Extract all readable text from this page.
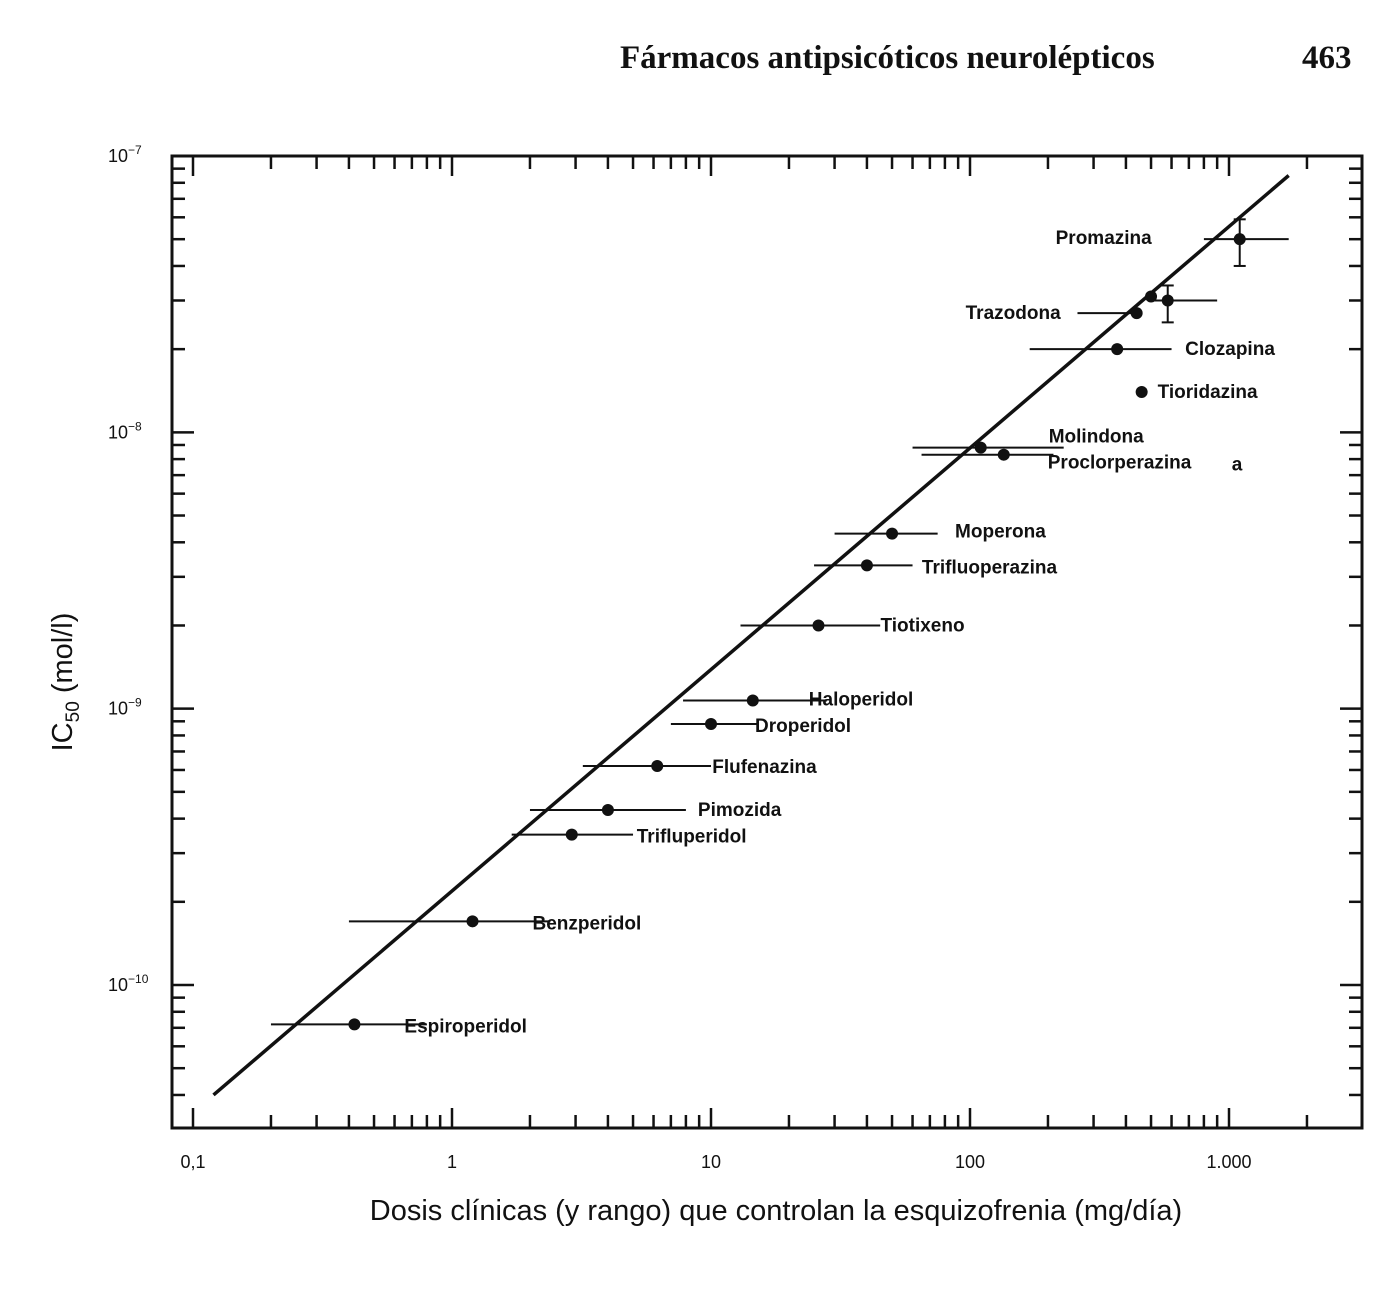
Fármacos antipsicóticos neurolépticos	463
0,1	1	10	100	1.000
$10^{-10}$
$10^{-9}$
$10^{-8}$
$10^{-7}$
Espiroperidol
Benzperidol
Trifluperidol
Pimozida
Flufenazina
Droperidol
Haloperidol
Tiotixeno
Trifluoperazina
Moperona
Molindona
Proclorperazina
Tioridazina
Clozapina
Trazodona
Promazina
a
Dosis clínicas (y rango) que controlan la esquizofrenia (mg/día)
$IC_{50}$ (mol/l)
